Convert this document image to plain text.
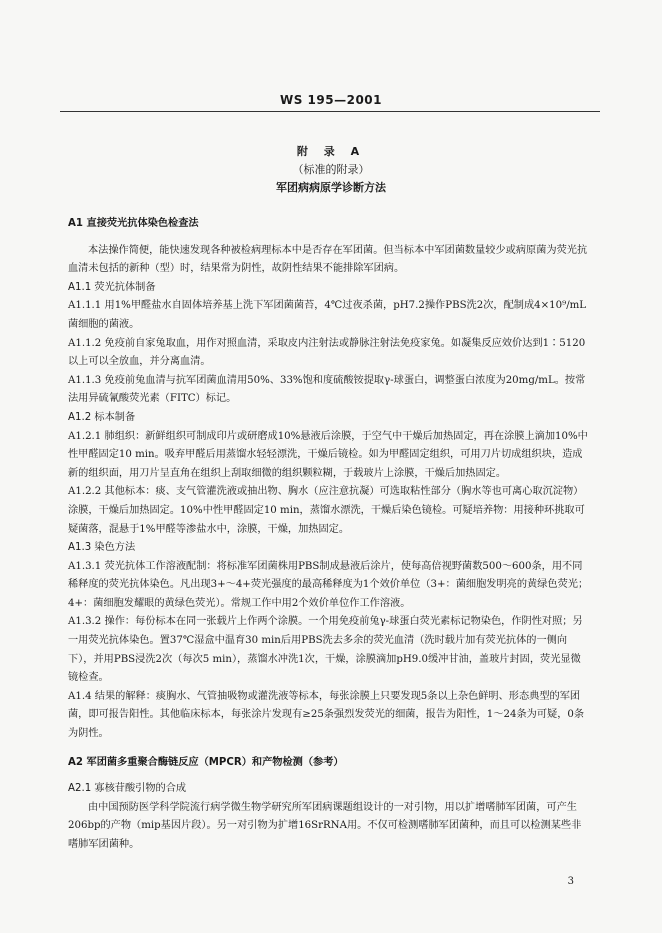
WS 195—2001
附 录 A
（标准的附录）
军团病病原学诊断方法

A1 直接荧光抗体染色检查法

本法操作简便，能快速发现各种被检病理标本中是否存在军团菌。但当标本中军团菌数量较少或病原菌为荧光抗血清未包括的新种（型）时，结果常为阴性，故阴性结果不能排除军团病。

A1.1 荧光抗体制备

A1.1.1 用1%甲醛盐水自固体培养基上洗下军团菌菌苔，4℃过夜杀菌，pH7.2操作PBS洗2次，配制成4×10⁹/mL菌细胞的菌液。

A1.1.2 免疫前自家兔取血，用作对照血清，采取皮内注射法或静脉注射法免疫家兔。如凝集反应效价达到1∶5120以上可以全放血，并分离血清。

A1.1.3 免疫前兔血清与抗军团菌血清用50%、33%饱和度硫酸铵提取γ-球蛋白，调整蛋白浓度为20mg/mL。按常法用异硫氰酸荧光素（FITC）标记。

A1.2 标本制备

A1.2.1 肺组织：新鲜组织可制成印片或研磨成10%悬液后涂膜，于空气中干燥后加热固定，再在涂膜上滴加10%中性甲醛固定10 min。吸弃甲醛后用蒸馏水轻轻漂洗，干燥后镜检。如为甲醛固定组织，可用刀片切成组织块，造成新的组织面，用刀片呈直角在组织上刮取细微的组织颗粒糊，于载玻片上涂膜，干燥后加热固定。

A1.2.2 其他标本：痰、支气管灌洗液或抽出物、胸水（应注意抗凝）可选取粘性部分（胸水等也可离心取沉淀物）涂膜，干燥后加热固定。10%中性甲醛固定10 min，蒸馏水漂洗，干燥后染色镜检。可疑培养物：用接种环挑取可疑菌落，混悬于1%甲醛等渗盐水中，涂膜，干燥，加热固定。

A1.3 染色方法

A1.3.1 荧光抗体工作溶液配制：将标准军团菌株用PBS制成悬液后涂片，使每高倍视野菌数500～600条，用不同稀释度的荧光抗体染色。凡出现3+～4+荧光强度的最高稀释度为1个效价单位（3+：菌细胞发明亮的黄绿色荧光；4+：菌细胞发耀眼的黄绿色荧光）。常规工作中用2个效价单位作工作溶液。

A1.3.2 操作：每份标本在同一张载片上作两个涂膜。一个用免疫前兔γ-球蛋白荧光素标记物染色，作阴性对照；另一用荧光抗体染色。置37℃湿盒中温育30 min后用PBS洗去多余的荧光血清（洗时载片加有荧光抗体的一侧向下），并用PBS浸洗2次（每次5 min），蒸馏水冲洗1次，干燥，涂膜滴加pH9.0缓冲甘油，盖玻片封固，荧光显微镜检查。

A1.4 结果的解释：痰胸水、气管抽吸物或灌洗液等标本，每张涂膜上只要发现5条以上杂色鲜明、形态典型的军团菌，即可报告阳性。其他临床标本，每张涂片发现有≥25条强烈发荧光的细菌，报告为阳性，1～24条为可疑，0条为阴性。

A2 军团菌多重聚合酶链反应（MPCR）和产物检测（参考）

A2.1 寡核苷酸引物的合成

由中国预防医学科学院流行病学微生物学研究所军团病课题组设计的一对引物，用以扩增嗜肺军团菌，可产生206bp的产物（mip基因片段）。另一对引物为扩增16SrRNA用。不仅可检测嗜肺军团菌种，而且可以检测某些非嗜肺军团菌种。

3
